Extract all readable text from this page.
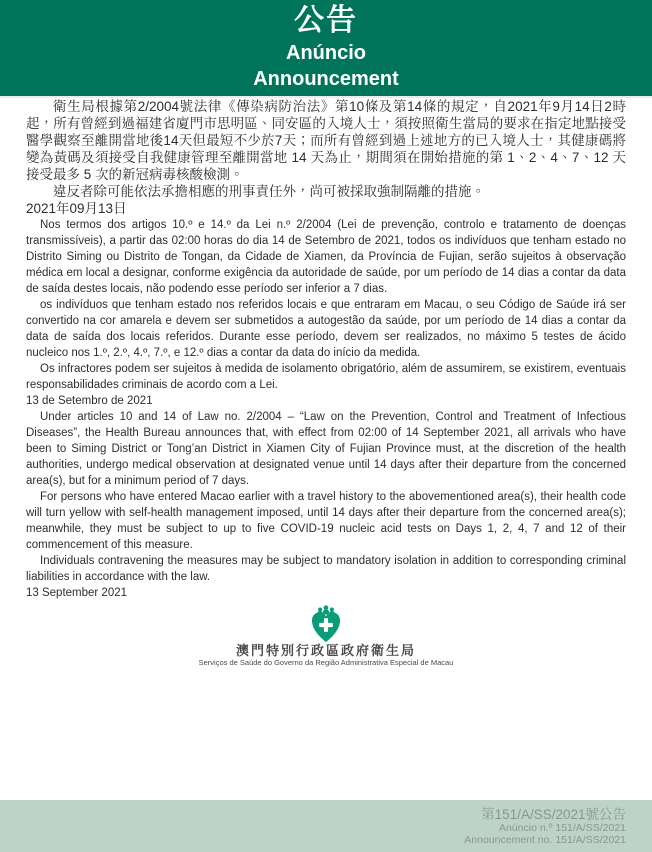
公告
Anúncio
Announcement

衛生局根據第2/2004號法律《傳染病防治法》第10條及第14條的規定，自2021年9月14日2時起，所有曾經到過福建省廈門市思明區、同安區的入境人士，須按照衛生當局的要求在指定地點接受醫學觀察至離開當地後14天但最短不少於7天；而所有曾經到過上述地方的已入境人士，其健康碼將變為黃碼及須接受自我健康管理至離開當地 14 天為止，期間須在開始措施的第 1、2、4、7、12 天接受最多 5 次的新冠病毒核酸檢測。

違反者除可能依法承擔相應的刑事責任外，尚可被採取強制隔離的措施。

2021年09月13日

Nos termos dos artigos 10.º e 14.º da Lei n.º 2/2004 (Lei de prevenção, controlo e tratamento de doenças transmissíveis), a partir das 02:00 horas do dia 14 de Setembro de 2021, todos os indivíduos que tenham estado no Distrito Siming ou Distrito de Tongan, da Cidade de Xiamen, da Província de Fujian, serão sujeitos à observação médica em local a designar, conforme exigência da autoridade de saúde, por um período de 14 dias a contar da data de saída destes locais, não podendo esse período ser inferior a 7 dias.

os indivíduos que tenham estado nos referidos locais e que entraram em Macau, o seu Código de Saúde irá ser convertido na cor amarela e devem ser submetidos a autogestão da saúde, por um período de 14 dias a contar da data de saída dos locais referidos. Durante esse período, devem ser realizados, no máximo 5 testes de ácido nucleico nos 1.º, 2.º, 4.º, 7.º, e 12.º dias a contar da data do início da medida.

Os infractores podem ser sujeitos à medida de isolamento obrigatório, além de assumirem, se existirem, eventuais responsabilidades criminais de acordo com a Lei.

13 de Setembro de 2021

Under articles 10 and 14 of Law no. 2/2004 – “Law on the Prevention, Control and Treatment of Infectious Diseases”, the Health Bureau announces that, with effect from 02:00 of 14 September 2021, all arrivals who have been to Siming District or Tong’an District in Xiamen City of Fujian Province must, at the discretion of the health authorities, undergo medical observation at designated venue until 14 days after their departure from the concerned area(s), but for a minimum period of 7 days.

For persons who have entered Macao earlier with a travel history to the abovementioned area(s), their health code will turn yellow with self-health management imposed, until 14 days after their departure from the concerned area(s); meanwhile, they must be subject to up to five COVID-19 nucleic acid tests on Days 1, 2, 4, 7 and 12 of their commencement of this measure.

Individuals contravening the measures may be subject to mandatory isolation in addition to corresponding criminal liabilities in accordance with the law.

13 September 2021

澳門特別行政區政府衛生局
Serviços de Saúde do Governo da Região Administrativa Especial de Macau

第151/A/SS/2021號公告

Anúncio n.º 151/A/SS/2021

Announcement no. 151/A/SS/2021
